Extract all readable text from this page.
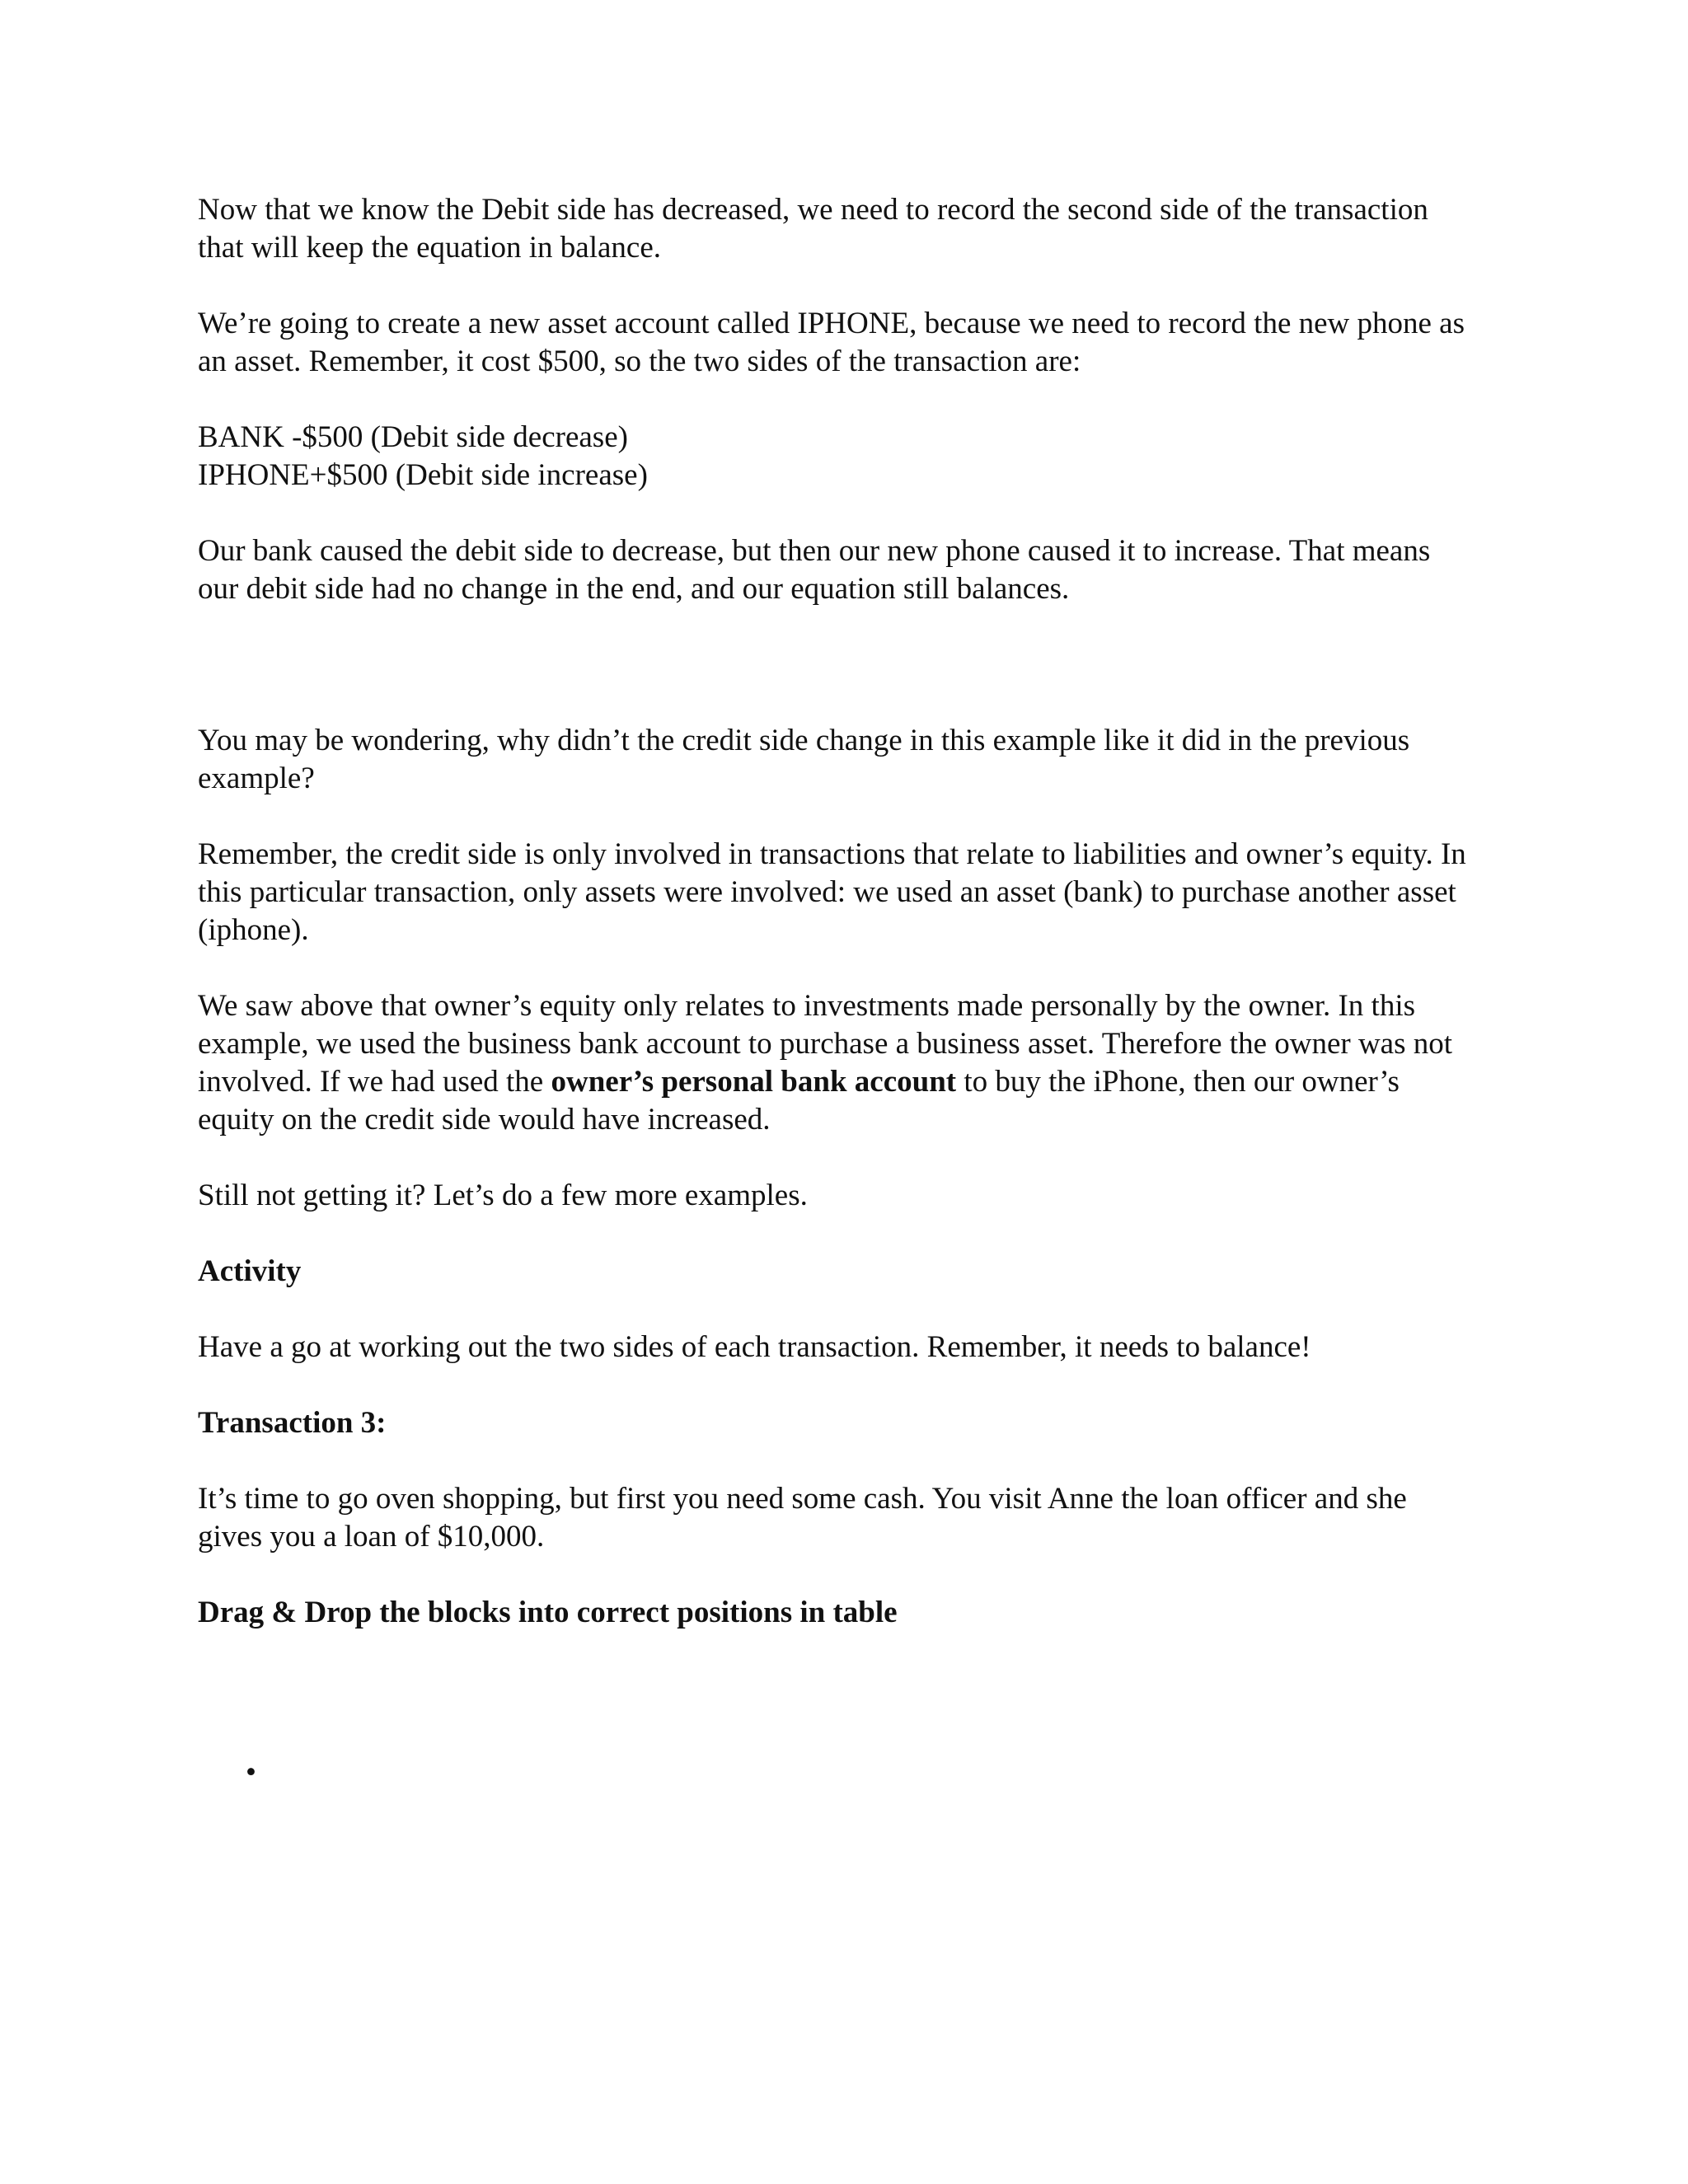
Now that we know the Debit side has decreased, we need to record the second side of the transaction that will keep the equation in balance.

We’re going to create a new asset account called IPHONE, because we need to record the new phone as an asset. Remember, it cost $500, so the two sides of the transaction are:

BANK -$500 (Debit side decrease)

IPHONE+$500 (Debit side increase)

Our bank caused the debit side to decrease, but then our new phone caused it to increase. That means our debit side had no change in the end, and our equation still balances.

You may be wondering, why didn’t the credit side change in this example like it did in the previous example?

Remember, the credit side is only involved in transactions that relate to liabilities and owner’s equity. In this particular transaction, only assets were involved: we used an asset (bank) to purchase another asset (iphone).

We saw above that owner’s equity only relates to investments made personally by the owner. In this example, we used the business bank account to purchase a business asset. Therefore the owner was not involved. If we had used the owner’s personal bank account to buy the iPhone, then our owner’s equity on the credit side would have increased.

Still not getting it? Let’s do a few more examples.

Activity

Have a go at working out the two sides of each transaction. Remember, it needs to balance!

Transaction 3:

It’s time to go oven shopping, but first you need some cash. You visit Anne the loan officer and she gives you a loan of $10,000.

Drag & Drop the blocks into correct positions in table

•
